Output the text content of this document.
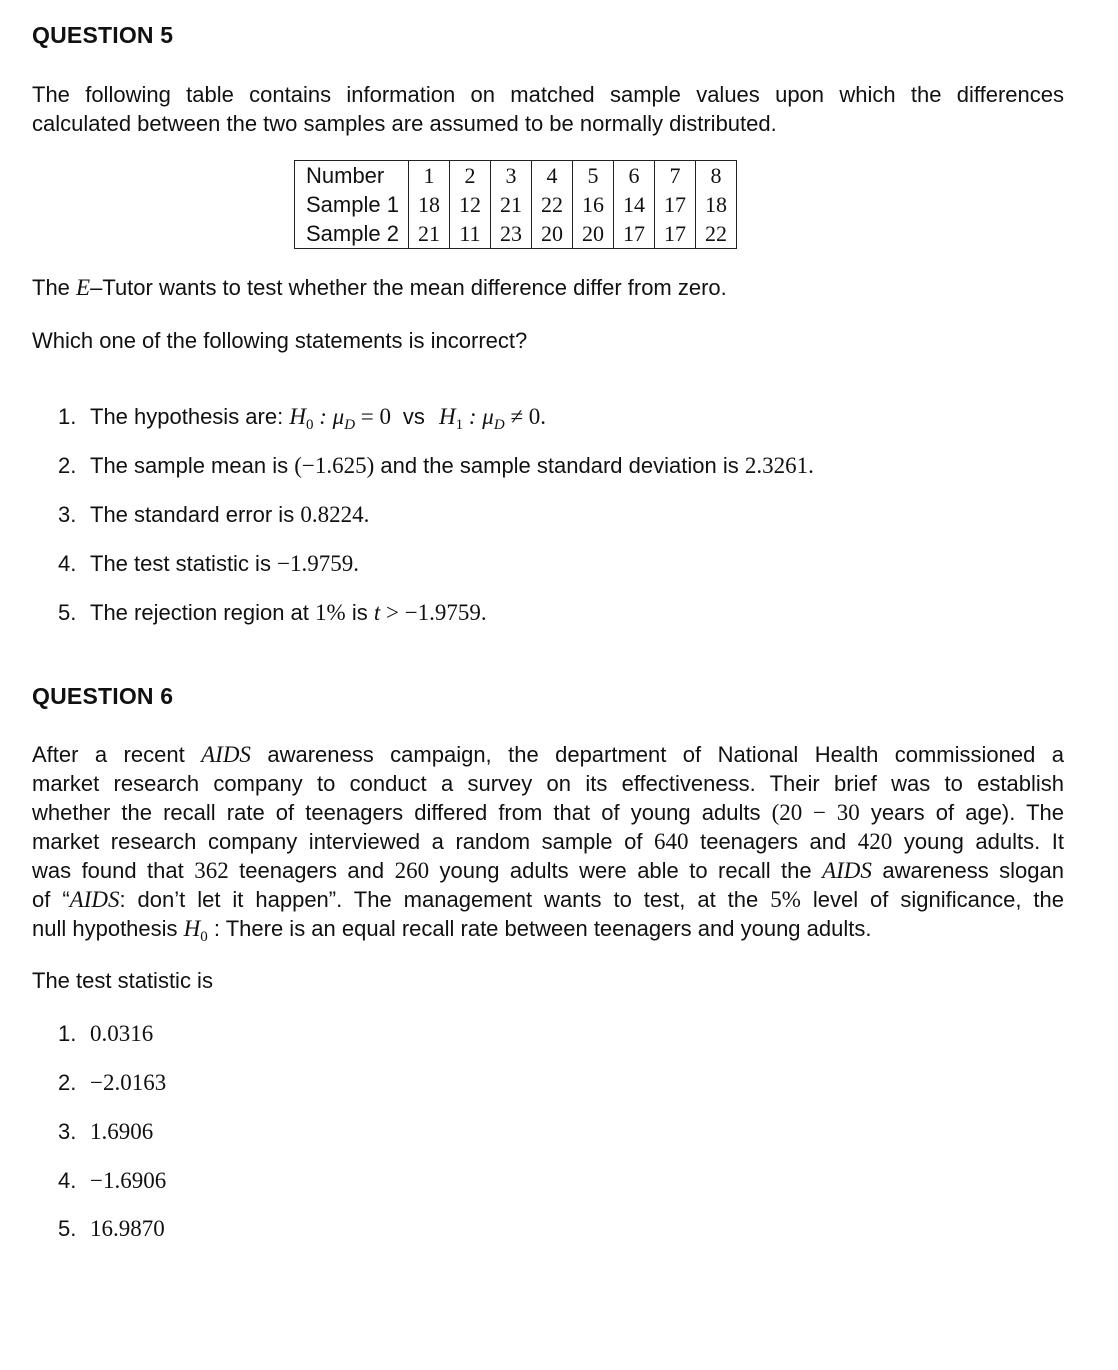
QUESTION 5
The following table contains information on matched sample values upon which the differences
calculated between the two samples are assumed to be normally distributed.
Number	1	2	3	4	5	6	7	8
Sample 1	18	12	21	22	16	14	17	18
Sample 2	21	11	23	20	20	17	17	22
The E–Tutor wants to test whether the mean difference differ from zero.
Which one of the following statements is incorrect?
1. The hypothesis are: $H_0$ : $\mu_D = 0$  vs $H_1$ : $\mu_D \ne 0$.
2. The sample mean is (−1.625) and the sample standard deviation is 2.3261.
3. The standard error is 0.8224.
4. The test statistic is −1.9759.
5. The rejection region at 1% is t > −1.9759.
QUESTION 6
After a recent AIDS awareness campaign, the department of National Health commissioned a
market research company to conduct a survey on its effectiveness. Their brief was to establish
whether the recall rate of teenagers differed from that of young adults (20 − 30 years of age). The
market research company interviewed a random sample of 640 teenagers and 420 young adults. It
was found that 362 teenagers and 260 young adults were able to recall the AIDS awareness slogan
of “AIDS: don’t let it happen”. The management wants to test, at the 5% level of significance, the
null hypothesis $H_0$ : There is an equal recall rate between teenagers and young adults.
The test statistic is
1. 0.0316
2. −2.0163
3. 1.6906
4. −1.6906
5. 16.9870
